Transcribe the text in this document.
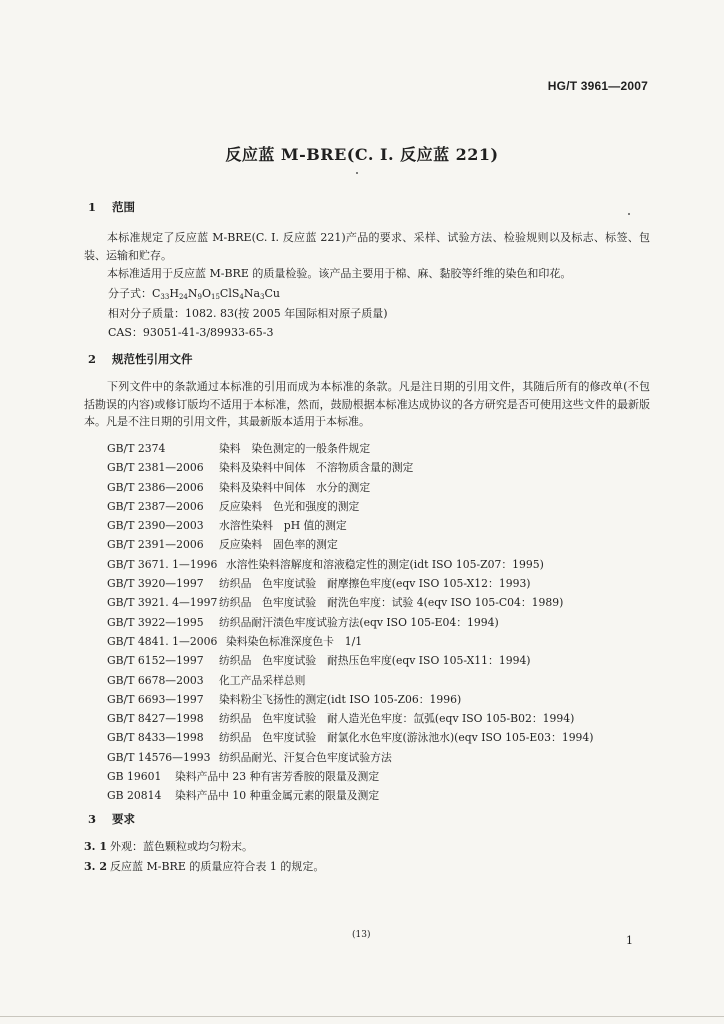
HG/T 3961—2007
反应蓝 M-BRE(C. I. 反应蓝 221)
1 范围
本标准规定了反应蓝 M-BRE(C. I. 反应蓝 221)产品的要求、采样、试验方法、检验规则以及标志、标签、包装、运输和贮存。
本标准适用于反应蓝 M-BRE 的质量检验。该产品主要用于棉、麻、黏胶等纤维的染色和印花。
分子式：$C_{33}H_{24}N_9O_{15}ClS_4Na_3Cu$
相对分子质量：1082. 83(按 2005 年国际相对原子质量)
CAS：93051-41-3/89933-65-3
2 规范性引用文件
下列文件中的条款通过本标准的引用而成为本标准的条款。凡是注日期的引用文件，其随后所有的修改单(不包括勘误的内容)或修订版均不适用于本标准，然而，鼓励根据本标准达成协议的各方研究是否可使用这些文件的最新版本。凡是不注日期的引用文件，其最新版本适用于本标准。
GB/T 2374	染料　染色测定的一般条件规定
GB/T 2381—2006 染料及染料中间体　不溶物质含量的测定
GB/T 2386—2006 染料及染料中间体　水分的测定
GB/T 2387—2006 反应染料　色光和强度的测定
GB/T 2390—2003 水溶性染料　pH 值的测定
GB/T 2391—2006 反应染料　固色率的测定
GB/T 3671. 1—1996 水溶性染料溶解度和溶液稳定性的测定(idt ISO 105-Z07：1995)
GB/T 3920—1997 纺织品　色牢度试验　耐摩擦色牢度(eqv ISO 105-X12：1993)
GB/T 3921. 4—1997 纺织品　色牢度试验　耐洗色牢度：试验 4(eqv ISO 105-C04：1989)
GB/T 3922—1995 纺织品耐汗渍色牢度试验方法(eqv ISO 105-E04：1994)
GB/T 4841. 1—2006 染料染色标准深度色卡　1/1
GB/T 6152—1997 纺织品　色牢度试验　耐热压色牢度(eqv ISO 105-X11：1994)
GB/T 6678—2003 化工产品采样总则
GB/T 6693—1997 染料粉尘飞扬性的测定(idt ISO 105-Z06：1996)
GB/T 8427—1998 纺织品　色牢度试验　耐人造光色牢度：氙弧(eqv ISO 105-B02：1994)
GB/T 8433—1998 纺织品　色牢度试验　耐氯化水色牢度(游泳池水)(eqv ISO 105-E03：1994)
GB/T 14576—1993 纺织品耐光、汗复合色牢度试验方法
GB 19601 染料产品中 23 种有害芳香胺的限量及测定
GB 20814 染料产品中 10 种重金属元素的限量及测定
3 要求
3. 1 外观：蓝色颗粒或均匀粉末。
3. 2 反应蓝 M-BRE 的质量应符合表 1 的规定。
(13)	1
